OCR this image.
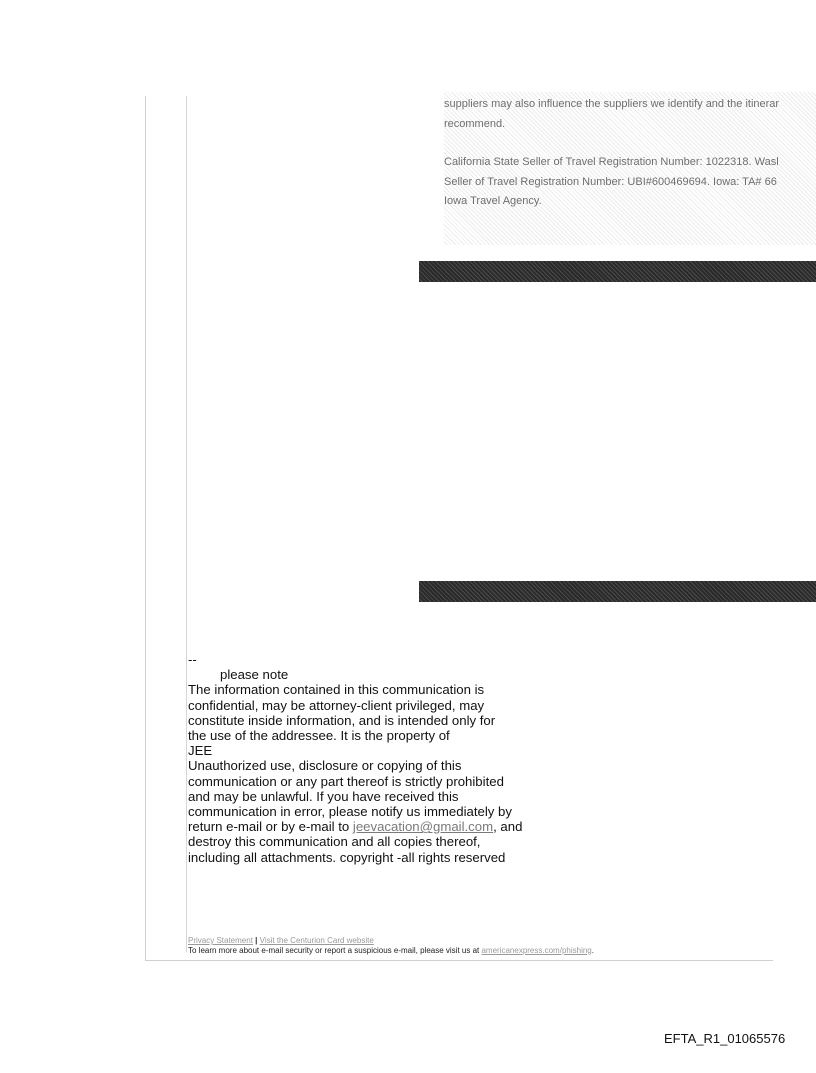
suppliers may also influence the suppliers we identify and the itinerar

recommend.

California State Seller of Travel Registration Number: 1022318. Wasl

Seller of Travel Registration Number: UBI#600469694. Iowa: TA# 66

Iowa Travel Agency.

--
please note
The information contained in this communication is
confidential, may be attorney-client privileged, may
constitute inside information, and is intended only for
the use of the addressee. It is the property of
JEE
Unauthorized use, disclosure or copying of this
communication or any part thereof is strictly prohibited
and may be unlawful. If you have received this
communication in error, please notify us immediately by
return e-mail or by e-mail to jeevacation@gmail.com, and
destroy this communication and all copies thereof,
including all attachments. copyright -all rights reserved
Privacy Statement | Visit the Centurion Card website
To learn more about e-mail security or report a suspicious e-mail, please visit us at americanexpress.com/phishing.
EFTA_R1_01065576
